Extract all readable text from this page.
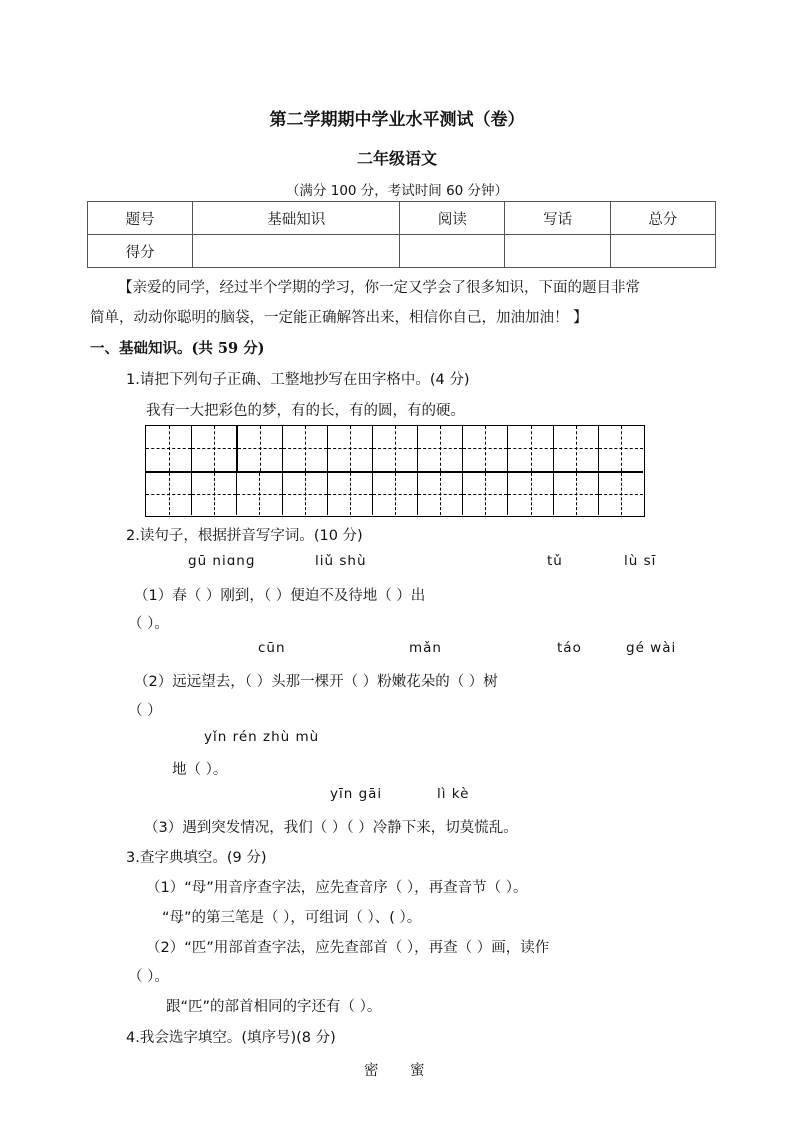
第二学期期中学业水平测试（卷）
二年级语文
（满分 100 分，考试时间 60 分钟）
题号	基础知识	阅读	写话	总分
得分				
【亲爱的同学，经过半个学期的学习，你一定又学会了很多知识，下面的题目非常
简单，动动你聪明的脑袋，一定能正确解答出来，相信你自己，加油加油！ 】
一、基础知识。(共 59 分)
1.请把下列句子正确、工整地抄写在田字格中。(4 分)
我有一大把彩色的梦，有的长，有的圆，有的硬。
2.读句子，根据拼音写字词。(10 分)
gū niɑnɡ	liǔ shù	tǔ	lù sī
（1）春（ ）刚到，（ ）便迫不及待地（ ）出
（ ）。
cūn	mǎn	táo	gé wài
（2）远远望去，（ ）头那一棵开（ ）粉嫩花朵的（ ）树
（ ）
yǐn rén zhù mù
地（ ）。
yīn gāi	lì kè
（3）遇到突发情况，我们（ ）（ ）冷静下来，切莫慌乱。
3.查字典填空。(9 分)
（1）“母”用音序查字法，应先查音序（ ），再查音节（ ）。
“母”的第三笔是（ ），可组词（ ）、( ）。
（2）“匹”用部首查字法，应先查部首（ ），再查（ ）画，读作
（ ）。
跟“匹”的部首相同的字还有（ ）。
4.我会选字填空。(填序号)(8 分)
密 蜜
